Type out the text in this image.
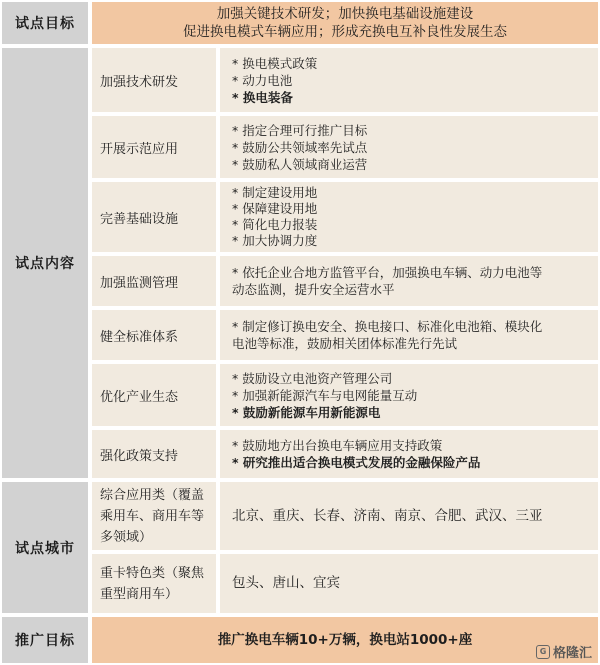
试点目标
加强关键技术研发；加快换电基础设施建设
促进换电模式车辆应用；形成充换电互补良性发展生态
试点内容
加强技术研发
* 换电模式政策
* 动力电池
* 换电装备
开展示范应用
* 指定合理可行推广目标
* 鼓励公共领域率先试点
* 鼓励私人领域商业运营
完善基础设施
* 制定建设用地
* 保障建设用地
* 简化电力报装
* 加大协调力度
加强监测管理
* 依托企业合地方监管平台，加强换电车辆、动力电池等
动态监测，提升安全运营水平
健全标准体系
* 制定修订换电安全、换电接口、标准化电池箱、模块化
电池等标准，鼓励相关团体标准先行先试
优化产业生态
* 鼓励设立电池资产管理公司
* 加强新能源汽车与电网能量互动
* 鼓励新能源车用新能源电
强化政策支持
* 鼓励地方出台换电车辆应用支持政策
* 研究推出适合换电模式发展的金融保险产品
试点城市
综合应用类（覆盖乘用车、商用车等多领域）
北京、重庆、长春、济南、南京、合肥、武汉、三亚
重卡特色类（聚焦重型商用车）
包头、唐山、宜宾
推广目标	推广换电车辆10+万辆，换电站1000+座
G 格隆汇
